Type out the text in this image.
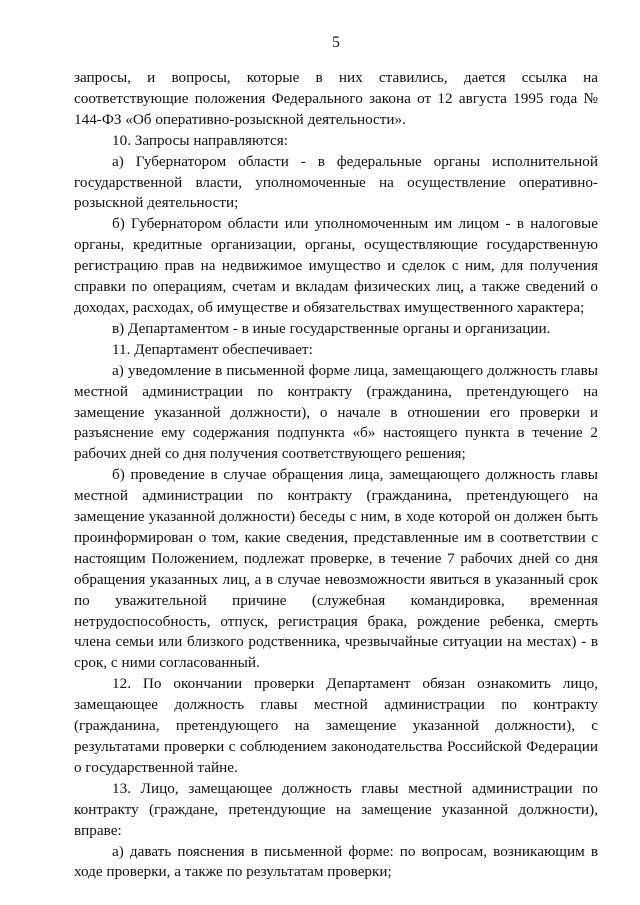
5

запросы, и вопросы, которые в них ставились, дается ссылка на соответствующие положения Федерального закона от 12 августа 1995 года № 144-ФЗ «Об оперативно-розыскной деятельности».

10. Запросы направляются:

а) Губернатором области - в федеральные органы исполнительной государственной власти, уполномоченные на осуществление оперативно-розыскной деятельности;

б) Губернатором области или уполномоченным им лицом - в налоговые органы, кредитные организации, органы, осуществляющие государственную регистрацию прав на недвижимое имущество и сделок с ним, для получения справки по операциям, счетам и вкладам физических лиц, а также сведений о доходах, расходах, об имуществе и обязательствах имущественного характера;

в) Департаментом - в иные государственные органы и организации.

11. Департамент обеспечивает:

а) уведомление в письменной форме лица, замещающего должность главы местной администрации по контракту (гражданина, претендующего на замещение указанной должности), о начале в отношении его проверки и разъяснение ему содержания подпункта «б» настоящего пункта в течение 2 рабочих дней со дня получения соответствующего решения;

б) проведение в случае обращения лица, замещающего должность главы местной администрации по контракту (гражданина, претендующего на замещение указанной должности) беседы с ним, в ходе которой он должен быть проинформирован о том, какие сведения, представленные им в соответствии с настоящим Положением, подлежат проверке, в течение 7 рабочих дней со дня обращения указанных лиц, а в случае невозможности явиться в указанный срок по уважительной причине (служебная командировка, временная нетрудоспособность, отпуск, регистрация брака, рождение ребенка, смерть члена семьи или близкого родственника, чрезвычайные ситуации на местах) - в срок, с ними согласованный.

12. По окончании проверки Департамент обязан ознакомить лицо, замещающее должность главы местной администрации по контракту (гражданина, претендующего на замещение указанной должности), с результатами проверки с соблюдением законодательства Российской Федерации о государственной тайне.

13. Лицо, замещающее должность главы местной администрации по контракту (граждане, претендующие на замещение указанной должности), вправе:

а) давать пояснения в письменной форме: по вопросам, возникающим в ходе проверки, а также по результатам проверки;
